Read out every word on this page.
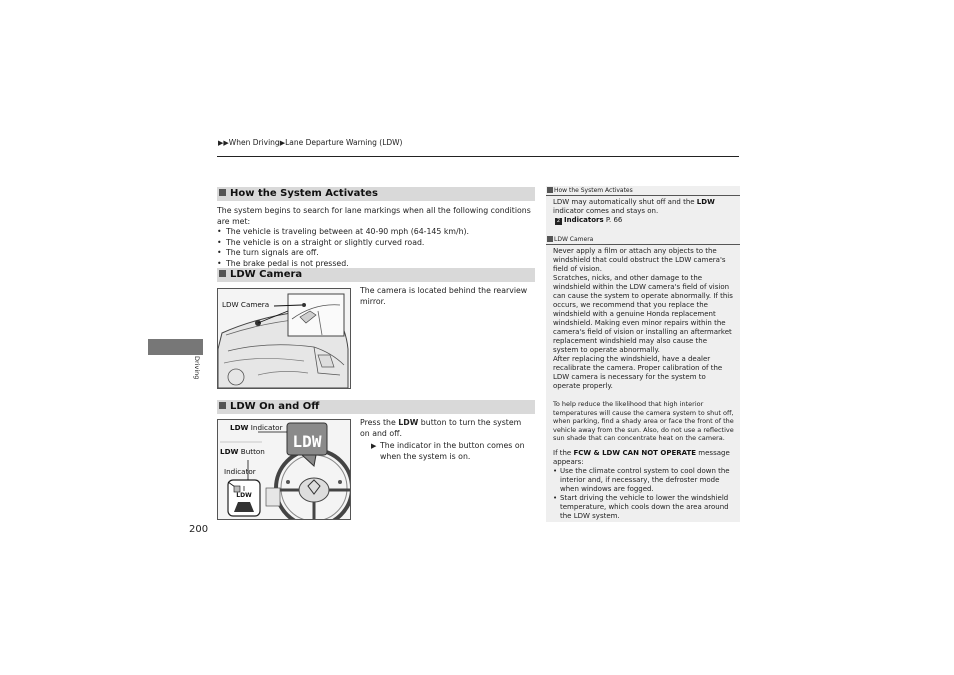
▶▶When Driving▶Lane Departure Warning (LDW)
Driving
200
How the System Activates
The system begins to search for lane markings when all the following conditions are met:
• The vehicle is traveling between at 40-90 mph (64-145 km/h).
• The vehicle is on a straight or slightly curved road.
• The turn signals are off.
• The brake pedal is not pressed.
LDW Camera
LDW Camera
The camera is located behind the rearview mirror.
LDW On and Off
LDW
LDW
LDW Indicator
LDW Button
Indicator
Press the LDW button to turn the system on and off.
▶ The indicator in the button comes on when the system is on.
How the System Activates
LDW may automatically shut off and the LDW indicator comes and stays on.
2 Indicators P. 66
LDW Camera
Never apply a film or attach any objects to the windshield that could obstruct the LDW camera's field of vision.
Scratches, nicks, and other damage to the windshield within the LDW camera's field of vision can cause the system to operate abnormally. If this occurs, we recommend that you replace the windshield with a genuine Honda replacement windshield. Making even minor repairs within the camera's field of vision or installing an aftermarket replacement windshield may also cause the system to operate abnormally.
After replacing the windshield, have a dealer recalibrate the camera. Proper calibration of the LDW camera is necessary for the system to operate properly.
To help reduce the likelihood that high interior temperatures will cause the camera system to shut off, when parking, find a shady area or face the front of the vehicle away from the sun. Also, do not use a reflective sun shade that can concentrate heat on the camera.
If the FCW & LDW CAN NOT OPERATE message appears:
• Use the climate control system to cool down the interior and, if necessary, the defroster mode when windows are fogged.
• Start driving the vehicle to lower the windshield temperature, which cools down the area around the LDW system.
